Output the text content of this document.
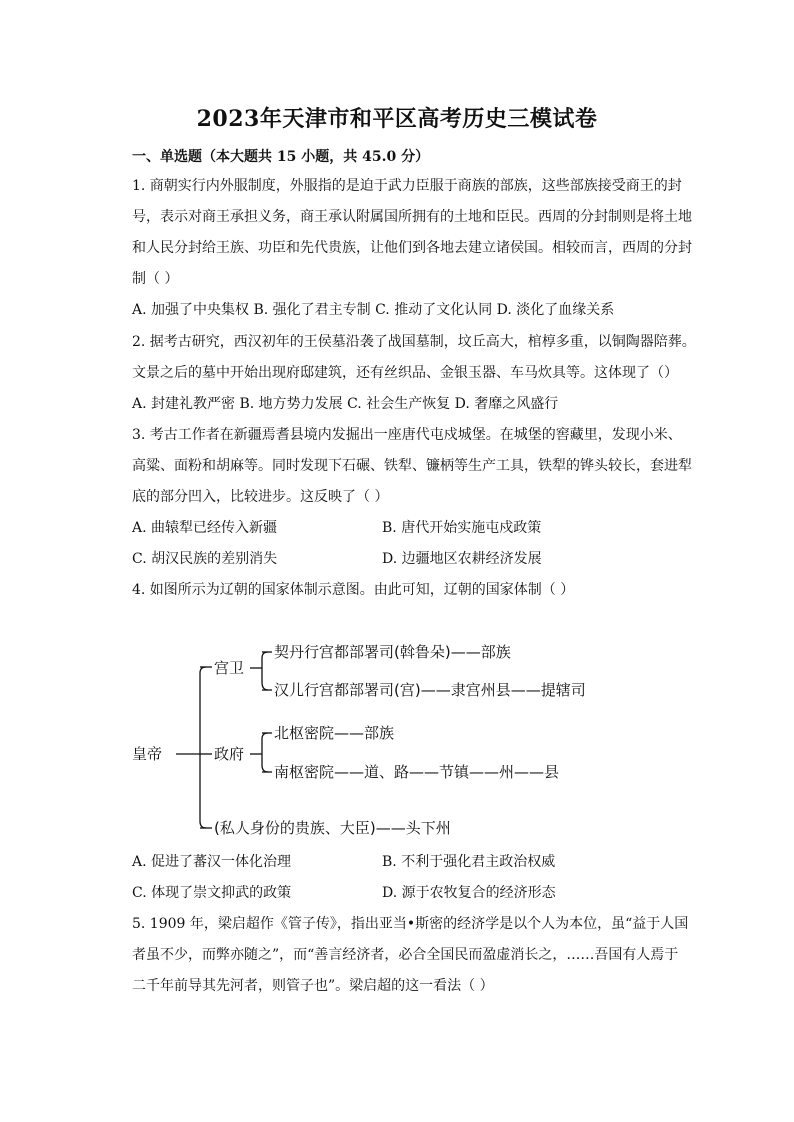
2023年天津市和平区高考历史三模试卷
一、单选题（本大题共 15 小题，共 45.0 分）
1. 商朝实行内外服制度，外服指的是迫于武力臣服于商族的部族，这些部族接受商王的封
号，表示对商王承担义务，商王承认附属国所拥有的土地和臣民。西周的分封制则是将土地
和人民分封给王族、功臣和先代贵族，让他们到各地去建立诸侯国。相较而言，西周的分封
制（ ）
A. 加强了中央集权 B. 强化了君主专制 C. 推动了文化认同 D. 淡化了血缘关系
2. 据考古研究，西汉初年的王侯墓沿袭了战国墓制，坟丘高大，棺椁多重，以铜陶器陪葬。
文景之后的墓中开始出现府邸建筑，还有丝织品、金银玉器、车马炊具等。这体现了（）
A. 封建礼教严密 B. 地方势力发展 C. 社会生产恢复 D. 奢靡之风盛行
3. 考古工作者在新疆焉耆县境内发掘出一座唐代屯戍城堡。在城堡的窖藏里，发现小米、
高粱、面粉和胡麻等。同时发现下石碾、铁犁、镰柄等生产工具，铁犁的铧头较长，套进犁
底的部分凹入，比较进步。这反映了（ ）
A. 曲辕犁已经传入新疆	B. 唐代开始实施屯戍政策
C. 胡汉民族的差别消失	D. 边疆地区农耕经济发展
4. 如图所示为辽朝的国家体制示意图。由此可知，辽朝的国家体制（ ）
皇帝
宫卫
政府
契丹行宫都部署司(斡鲁朵)——部族
汉儿行宫都部署司(宫)——隶宫州县——提辖司
北枢密院——部族
南枢密院——道、路——节镇——州——县
(私人身份的贵族、大臣)——头下州
A. 促进了蕃汉一体化治理	B. 不利于强化君主政治权威
C. 体现了崇文抑武的政策	D. 源于农牧复合的经济形态
5. 1909 年，梁启超作《管子传》，指出亚当•斯密的经济学是以个人为本位，虽“益于人国
者虽不少，而弊亦随之”，而“善言经济者，必合全国民而盈虚消长之，……吾国有人焉于
二千年前导其先河者，则管子也”。梁启超的这一看法（ ）
